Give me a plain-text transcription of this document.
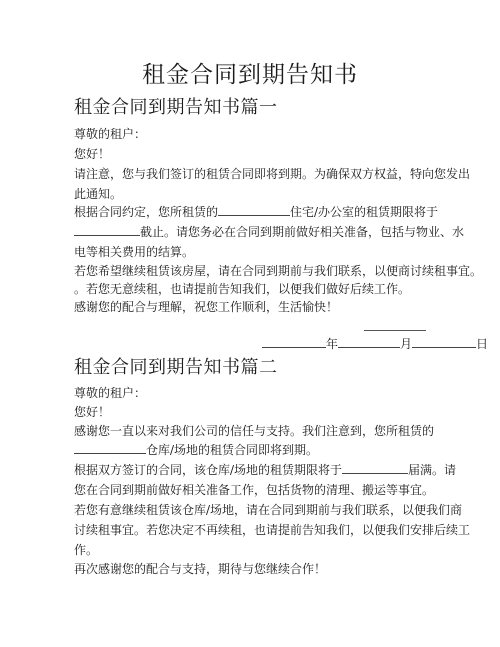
租金合同到期告知书
租金合同到期告知书篇一
尊敬的租户：
您好！
请注意，您与我们签订的租赁合同即将到期。为确保双方权益，特向您发出
此通知。
根据合同约定，您所租赁的	住宅/办公室的租赁期限将于
截止。请您务必在合同到期前做好相关准备，包括与物业、水
电等相关费用的结算。
若您希望继续租赁该房屋，请在合同到期前与我们联系，以便商讨续租事宜。
。若您无意续租，也请提前告知我们，以便我们做好后续工作。
感谢您的配合与理解，祝您工作顺利，生活愉快！
年	月	日
租金合同到期告知书篇二
尊敬的租户：
您好！
感谢您一直以来对我们公司的信任与支持。我们注意到，您所租赁的
仓库/场地的租赁合同即将到期。
根据双方签订的合同，该仓库/场地的租赁期限将于	届满。请
您在合同到期前做好相关准备工作，包括货物的清理、搬运等事宜。
若您有意继续租赁该仓库/场地，请在合同到期前与我们联系，以便我们商
讨续租事宜。若您决定不再续租，也请提前告知我们，以便我们安排后续工
作。
再次感谢您的配合与支持，期待与您继续合作！
